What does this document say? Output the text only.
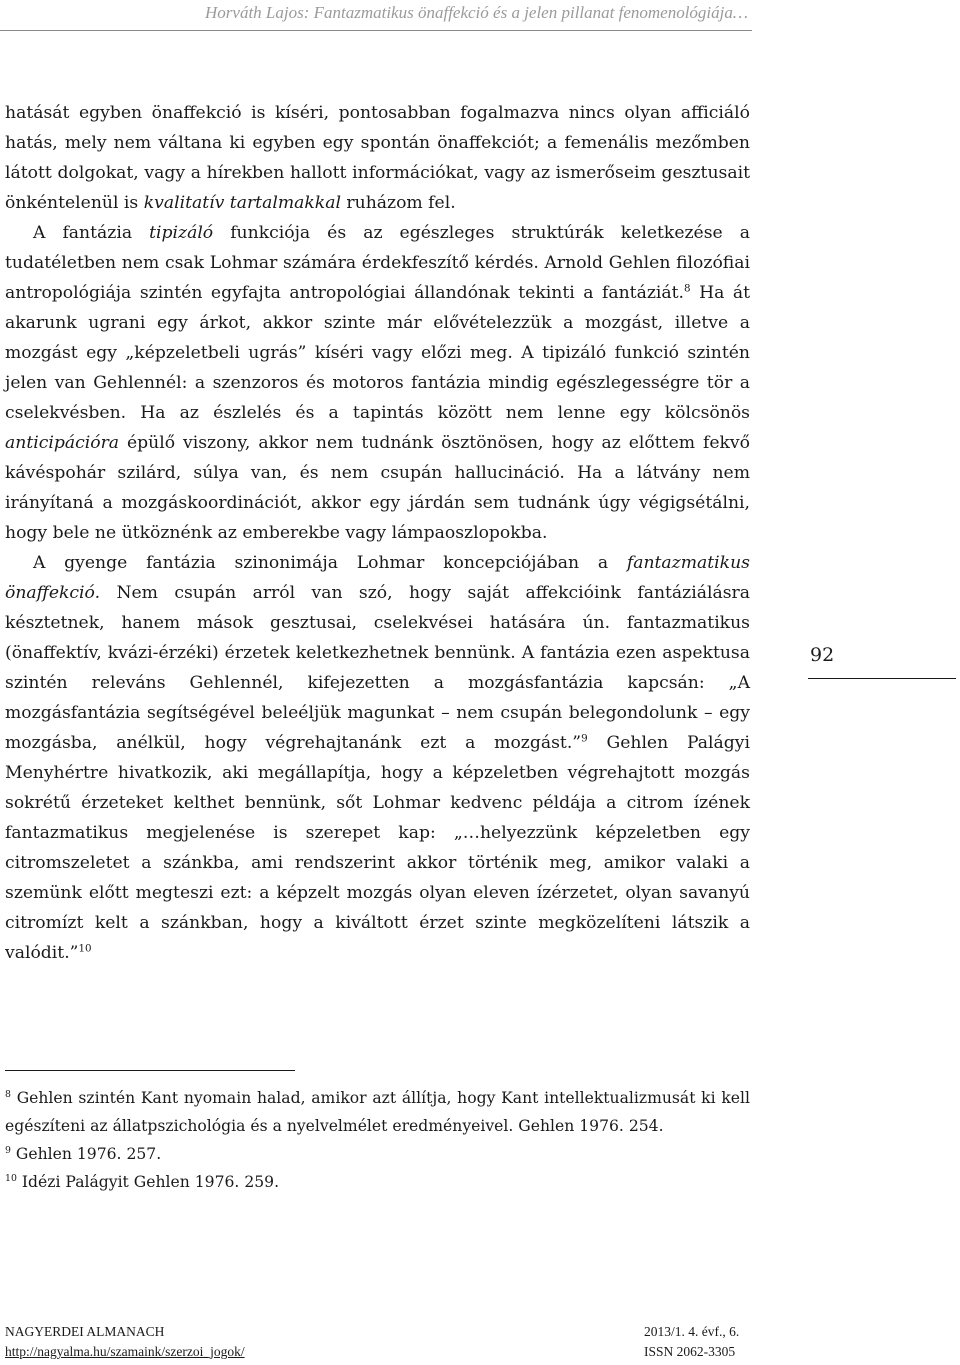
Horváth Lajos: Fantazmatikus önaffekció és a jelen pillanat fenomenológiája…

hatását egyben önaffekció is kíséri, pontosabban fogalmazva nincs olyan afficiáló hatás, mely nem váltana ki egyben egy spontán önaffekciót; a femenális mezőmben látott dolgokat, vagy a hírekben hallott információkat, vagy az ismerőseim gesztusait önkéntelenül is kvalitatív tartalmakkal ruházom fel.

A fantázia tipizáló funkciója és az egészleges struktúrák keletkezése a tudatéletben nem csak Lohmar számára érdekfeszítő kérdés. Arnold Gehlen filozófiai antropológiája szintén egyfajta antropológiai állandónak tekinti a fantáziát.$^8$ Ha át akarunk ugrani egy árkot, akkor szinte már elővételezzük a mozgást, illetve a mozgást egy „képzeletbeli ugrás” kíséri vagy előzi meg. A tipizáló funkció szintén jelen van Gehlennél: a szenzoros és motoros fantázia mindig egészlegességre tör a cselekvésben. Ha az észlelés és a tapintás között nem lenne egy kölcsönös anticipációra épülő viszony, akkor nem tudnánk ösztönösen, hogy az előttem fekvő kávéspohár szilárd, súlya van, és nem csupán hallucináció. Ha a látvány nem irányítaná a mozgáskoordinációt, akkor egy járdán sem tudnánk úgy végigsétálni, hogy bele ne ütköznénk az emberekbe vagy lámpaoszlopokba.

A gyenge fantázia szinonimája Lohmar koncepciójában a fantazmatikus önaffekció. Nem csupán arról van szó, hogy saját affekcióink fantáziálásra késztetnek, hanem mások gesztusai, cselekvései hatására ún. fantazmatikus (önaffektív, kvázi-érzéki) érzetek keletkezhetnek bennünk. A fantázia ezen aspektusa szintén releváns Gehlennél, kifejezetten a mozgásfantázia kapcsán: „A mozgásfantázia segítségével beleéljük magunkat – nem csupán belegondolunk – egy mozgásba, anélkül, hogy végrehajtanánk ezt a mozgást.”$^9$ Gehlen Palágyi Menyhértre hivatkozik, aki megállapítja, hogy a képzeletben végrehajtott mozgás sokrétű érzeteket kelthet bennünk, sőt Lohmar kedvenc példája a citrom ízének fantazmatikus megjelenése is szerepet kap: „…helyezzünk képzeletben egy citromszeletet a szánkba, ami rendszerint akkor történik meg, amikor valaki a szemünk előtt megteszi ezt: a képzelt mozgás olyan eleven ízérzetet, olyan savanyú citromízt kelt a szánkban, hogy a kiváltott érzet szinte megközelíteni látszik a valódit.”$^{10}$

92

$^8$ Gehlen szintén Kant nyomain halad, amikor azt állítja, hogy Kant intellektualizmusát ki kell egészíteni az állatpszichológia és a nyelvelmélet eredményeivel. Gehlen 1976. 254.

$^9$ Gehlen 1976. 257.

$^{10}$ Idézi Palágyit Gehlen 1976. 259.

NAGYERDEI ALMANACH	2013/1. 4. évf., 6.
http://nagyalma.hu/szamaink/szerzoi_jogok/	ISSN 2062-3305
